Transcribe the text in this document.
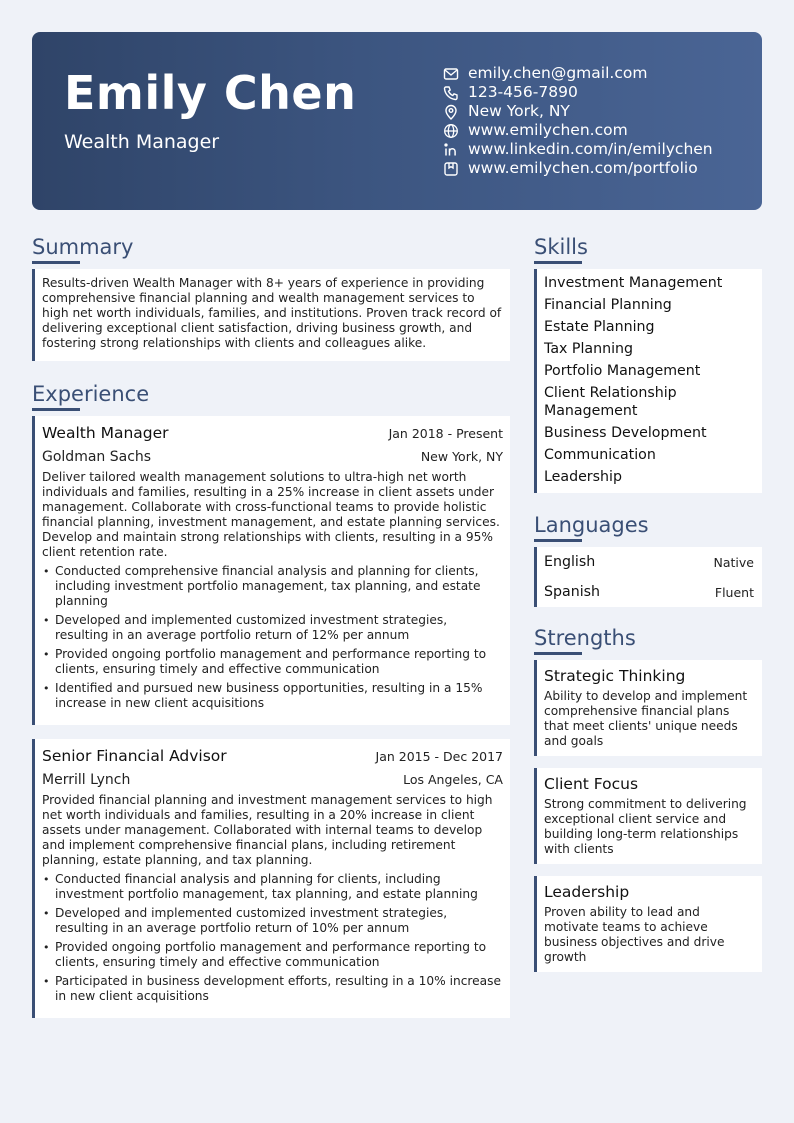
Emily Chen
Wealth Manager
emily.chen@gmail.com
123-456-7890
New York, NY
www.emilychen.com
www.linkedin.com/in/emilychen
www.emilychen.com/portfolio
Summary
Results-driven Wealth Manager with 8+ years of experience in providing comprehensive financial planning and wealth management services to high net worth individuals, families, and institutions. Proven track record of delivering exceptional client satisfaction, driving business growth, and fostering strong relationships with clients and colleagues alike.
Experience
Wealth Manager	Jan 2018 - Present
Goldman Sachs	New York, NY
Deliver tailored wealth management solutions to ultra-high net worth individuals and families, resulting in a 25% increase in client assets under management. Collaborate with cross-functional teams to provide holistic financial planning, investment management, and estate planning services. Develop and maintain strong relationships with clients, resulting in a 95% client retention rate.
• Conducted comprehensive financial analysis and planning for clients, including investment portfolio management, tax planning, and estate planning
• Developed and implemented customized investment strategies, resulting in an average portfolio return of 12% per annum
• Provided ongoing portfolio management and performance reporting to clients, ensuring timely and effective communication
• Identified and pursued new business opportunities, resulting in a 15% increase in new client acquisitions
Senior Financial Advisor	Jan 2015 - Dec 2017
Merrill Lynch	Los Angeles, CA
Provided financial planning and investment management services to high net worth individuals and families, resulting in a 20% increase in client assets under management. Collaborated with internal teams to develop and implement comprehensive financial plans, including retirement planning, estate planning, and tax planning.
• Conducted financial analysis and planning for clients, including investment portfolio management, tax planning, and estate planning
• Developed and implemented customized investment strategies, resulting in an average portfolio return of 10% per annum
• Provided ongoing portfolio management and performance reporting to clients, ensuring timely and effective communication
• Participated in business development efforts, resulting in a 10% increase in new client acquisitions
Skills
Investment Management
Financial Planning
Estate Planning
Tax Planning
Portfolio Management
Client Relationship Management
Business Development
Communication
Leadership
Languages
English	Native
Spanish	Fluent
Strengths
Strategic Thinking
Ability to develop and implement comprehensive financial plans that meet clients' unique needs and goals
Client Focus
Strong commitment to delivering exceptional client service and building long-term relationships with clients
Leadership
Proven ability to lead and motivate teams to achieve business objectives and drive growth
